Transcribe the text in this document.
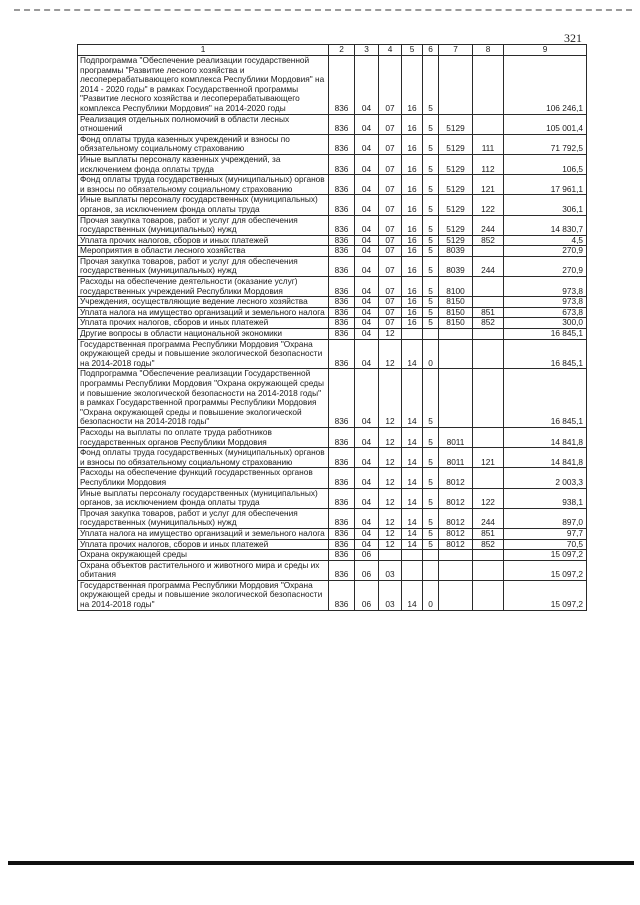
321
1	2	3	4	5	6	7	8	9
Подпрограмма "Обеспечение реализации государственной программы "Развитие лесного хозяйства и лесоперерабатывающего комплекса Республики Мордовия" на 2014 - 2020 годы" в рамках Государственной программы "Развитие лесного хозяйства и лесоперерабатывающего комплекса Республики Мордовия" на 2014-2020 годы	836	04	07	16	5			106 246,1
Реализация отдельных полномочий в области лесных отношений	836	04	07	16	5	5129		105 001,4
Фонд оплаты труда казенных учреждений и взносы по обязательному социальному страхованию	836	04	07	16	5	5129	111	71 792,5
Иные выплаты персоналу казенных учреждений, за исключением фонда оплаты труда	836	04	07	16	5	5129	112	106,5
Фонд оплаты труда государственных (муниципальных) органов и взносы по обязательному социальному страхованию	836	04	07	16	5	5129	121	17 961,1
Иные выплаты персоналу государственных (муниципальных) органов, за исключением фонда оплаты труда	836	04	07	16	5	5129	122	306,1
Прочая закупка товаров, работ и услуг для обеспечения государственных (муниципальных) нужд	836	04	07	16	5	5129	244	14 830,7
Уплата прочих налогов, сборов и иных платежей	836	04	07	16	5	5129	852	4,5
Мероприятия в области лесного хозяйства	836	04	07	16	5	8039		270,9
Прочая закупка товаров, работ и услуг для обеспечения государственных (муниципальных) нужд	836	04	07	16	5	8039	244	270,9
Расходы на обеспечение деятельности (оказание услуг) государственных учреждений Республики Мордовия	836	04	07	16	5	8100		973,8
Учреждения, осуществляющие ведение лесного хозяйства	836	04	07	16	5	8150		973,8
Уплата налога на имущество организаций и земельного налога	836	04	07	16	5	8150	851	673,8
Уплата прочих налогов, сборов и иных платежей	836	04	07	16	5	8150	852	300,0
Другие вопросы в области национальной экономики	836	04	12					16 845,1
Государственная программа Республики Мордовия "Охрана окружающей среды и повышение экологической безопасности на 2014-2018 годы"	836	04	12	14	0			16 845,1
Подпрограмма "Обеспечение реализации Государственной программы Республики Мордовия "Охрана окружающей среды и повышение экологической безопасности на 2014-2018 годы" в рамках Государственной программы Республики Мордовия "Охрана окружающей среды и повышение экологической безопасности на 2014-2018 годы"	836	04	12	14	5			16 845,1
Расходы на выплаты по оплате труда работников государственных органов Республики Мордовия	836	04	12	14	5	8011		14 841,8
Фонд оплаты труда государственных (муниципальных) органов и взносы по обязательному социальному страхованию	836	04	12	14	5	8011	121	14 841,8
Расходы на обеспечение функций государственных органов Республики Мордовия	836	04	12	14	5	8012		2 003,3
Иные выплаты персоналу государственных (муниципальных) органов, за исключением фонда оплаты труда	836	04	12	14	5	8012	122	938,1
Прочая закупка товаров, работ и услуг для обеспечения государственных (муниципальных) нужд	836	04	12	14	5	8012	244	897,0
Уплата налога на имущество организаций и земельного налога	836	04	12	14	5	8012	851	97,7
Уплата прочих налогов, сборов и иных платежей	836	04	12	14	5	8012	852	70,5
Охрана окружающей среды	836	06						15 097,2
Охрана объектов растительного и животного мира и среды их обитания	836	06	03					15 097,2
Государственная программа Республики Мордовия "Охрана окружающей среды и повышение экологической безопасности на 2014-2018 годы"	836	06	03	14	0			15 097,2
